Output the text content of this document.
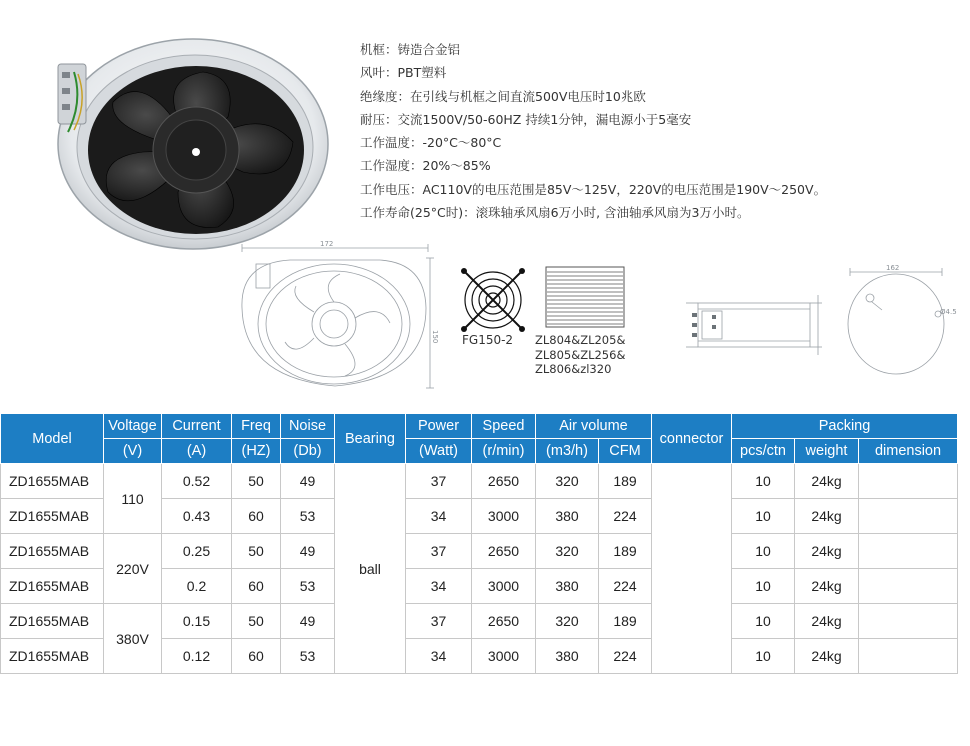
机框：铸造合金铝
风叶：PBT塑料
绝缘度：在引线与机框之间直流500V电压时10兆欧
耐压：交流1500V/50-60HZ 持续1分钟，漏电源小于5毫安
工作温度：-20°C～80°C
工作湿度：20%～85%
工作电压：AC110V的电压范围是85V～125V，220V的电压范围是190V～250V。
工作寿命(25°C时)：滚珠轴承风扇6万小时, 含油轴承风扇为3万小时。
172
150 FG150-2 ZL804&ZL205&
ZL805&ZL256&
ZL806&zl320
162
Ø4.5
Model	Voltage	Current	Freq	Noise	Bearing	Power	Speed	Air volume		connector	Packing		
	(V)	(A)	(HZ)	(Db)		(Watt)	(r/min)	(m3/h)	CFM		pcs/ctn	weight	dimension
ZD1655MAB	110	0.52	50	49	ball	37	2650	320	189		10	24kg	
ZD1655MAB		0.43	60	53		34	3000	380	224		10	24kg	
ZD1655MAB	220V	0.25	50	49		37	2650	320	189		10	24kg	
ZD1655MAB		0.2	60	53		34	3000	380	224		10	24kg	
ZD1655MAB	380V	0.15	50	49		37	2650	320	189		10	24kg	
ZD1655MAB		0.12	60	53		34	3000	380	224		10	24kg	
